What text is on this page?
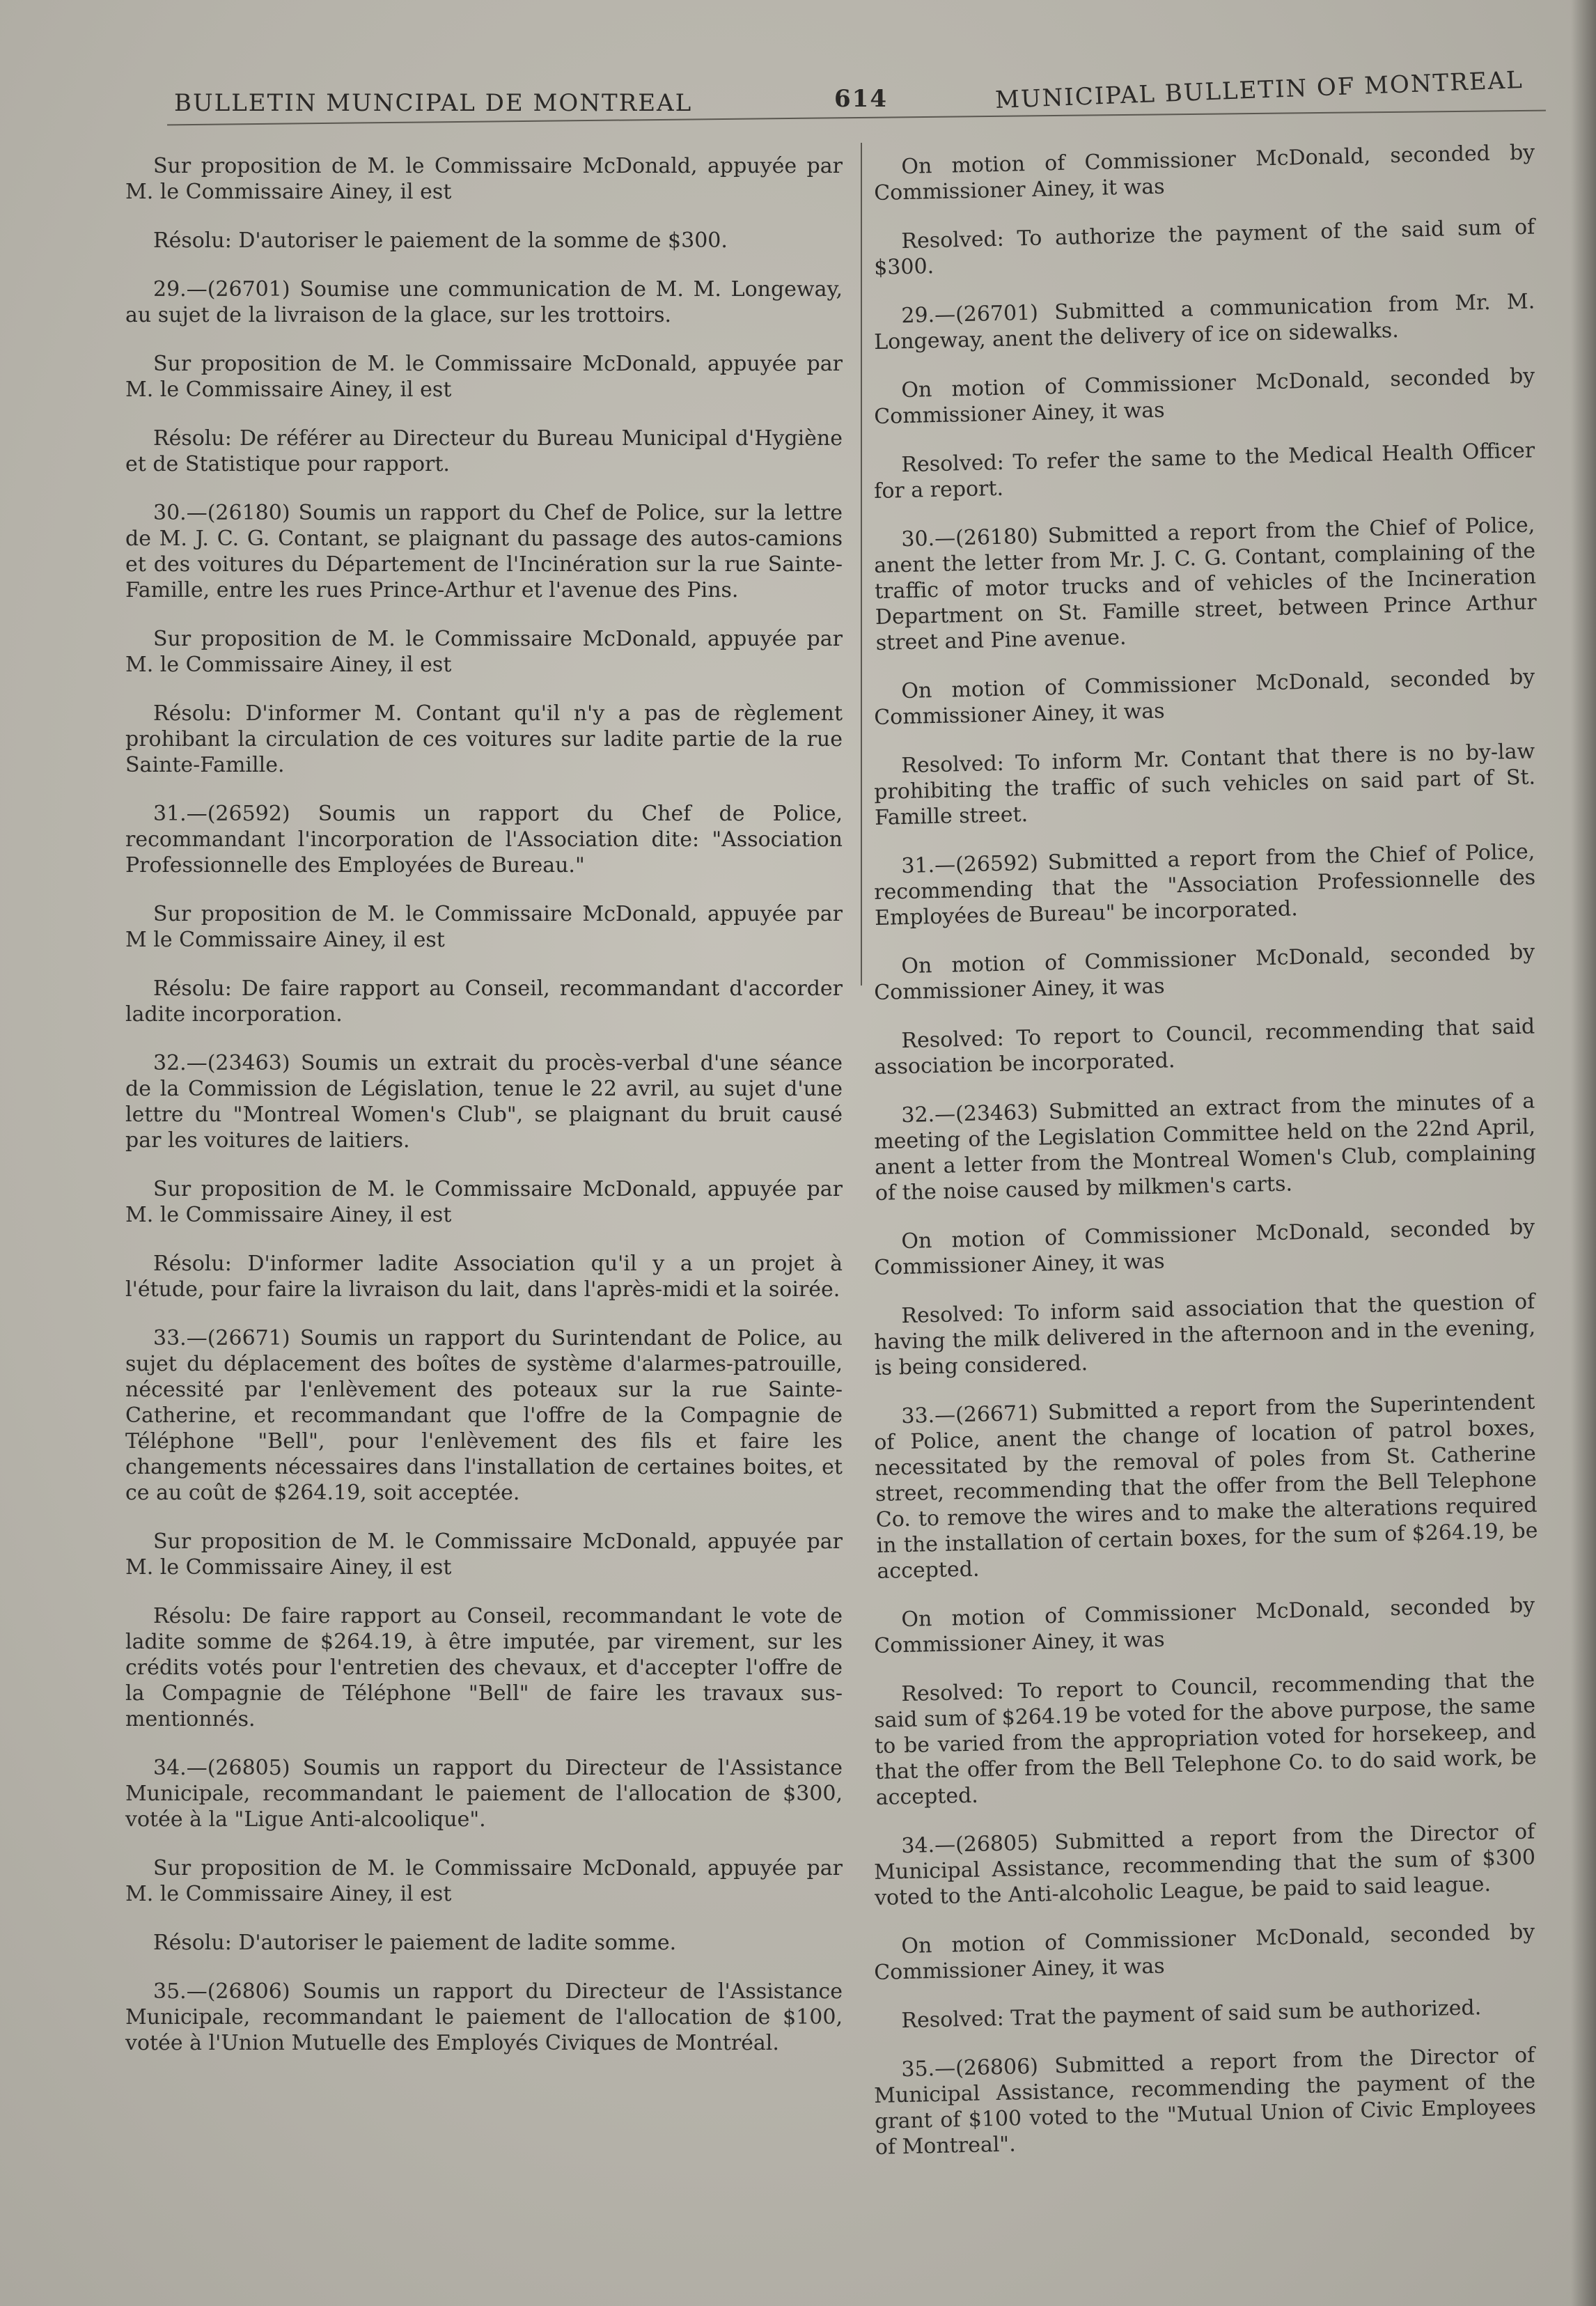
BULLETIN MUNCIPAL DE MONTREAL	614	MUNICIPAL BULLETIN OF MONTREAL

Sur proposition de M. le Commissaire McDonald, appuyée par M. le Commissaire Ainey, il est

Résolu: D'autoriser le paiement de la somme de $300.

29.—(26701) Soumise une communication de M. M. Longeway, au sujet de la livraison de la glace, sur les trottoirs.

Sur proposition de M. le Commissaire McDonald, appuyée par M. le Commissaire Ainey, il est

Résolu: De référer au Directeur du Bureau Municipal d'Hygiène et de Statistique pour rapport.

30.—(26180) Soumis un rapport du Chef de Police, sur la lettre de M. J. C. G. Contant, se plaignant du passage des autos-camions et des voitures du Département de l'Incinération sur la rue Sainte-Famille, entre les rues Prince-Arthur et l'avenue des Pins.

Sur proposition de M. le Commissaire McDonald, appuyée par M. le Commissaire Ainey, il est

Résolu: D'informer M. Contant qu'il n'y a pas de règlement prohibant la circulation de ces voitures sur ladite partie de la rue Sainte-Famille.

31.—(26592) Soumis un rapport du Chef de Police, recommandant l'incorporation de l'Association dite: "Association Professionnelle des Employées de Bureau."

Sur proposition de M. le Commissaire McDonald, appuyée par M le Commissaire Ainey, il est

Résolu: De faire rapport au Conseil, recommandant d'accorder ladite incorporation.

32.—(23463) Soumis un extrait du procès-verbal d'une séance de la Commission de Législation, tenue le 22 avril, au sujet d'une lettre du "Montreal Women's Club", se plaignant du bruit causé par les voitures de laitiers.

Sur proposition de M. le Commissaire McDonald, appuyée par M. le Commissaire Ainey, il est

Résolu: D'informer ladite Association qu'il y a un projet à l'étude, pour faire la livraison du lait, dans l'après-midi et la soirée.

33.—(26671) Soumis un rapport du Surintendant de Police, au sujet du déplacement des boîtes de système d'alarmes-patrouille, nécessité par l'enlèvement des poteaux sur la rue Sainte-Catherine, et recommandant que l'offre de la Compagnie de Téléphone "Bell", pour l'enlèvement des fils et faire les changements nécessaires dans l'installation de certaines boites, et ce au coût de $264.19, soit acceptée.

Sur proposition de M. le Commissaire McDonald, appuyée par M. le Commissaire Ainey, il est

Résolu: De faire rapport au Conseil, recommandant le vote de ladite somme de $264.19, à être imputée, par virement, sur les crédits votés pour l'entretien des chevaux, et d'accepter l'offre de la Compagnie de Téléphone "Bell" de faire les travaux sus-mentionnés.

34.—(26805) Soumis un rapport du Directeur de l'Assistance Municipale, recommandant le paiement de l'allocation de $300, votée à la "Ligue Anti-alcoolique".

Sur proposition de M. le Commissaire McDonald, appuyée par M. le Commissaire Ainey, il est

Résolu: D'autoriser le paiement de ladite somme.

35.—(26806) Soumis un rapport du Directeur de l'Assistance Municipale, recommandant le paiement de l'allocation de $100, votée à l'Union Mutuelle des Employés Civiques de Montréal.

On motion of Commissioner McDonald, seconded by Commissioner Ainey, it was

Resolved: To authorize the payment of the said sum of $300.

29.—(26701) Submitted a communication from Mr. M. Longeway, anent the delivery of ice on sidewalks.

On motion of Commissioner McDonald, seconded by Commissioner Ainey, it was

Resolved: To refer the same to the Medical Health Officer for a report.

30.—(26180) Submitted a report from the Chief of Police, anent the letter from Mr. J. C. G. Contant, complaining of the traffic of motor trucks and of vehicles of the Incineration Department on St. Famille street, between Prince Arthur street and Pine avenue.

On motion of Commissioner McDonald, seconded by Commissioner Ainey, it was

Resolved: To inform Mr. Contant that there is no by-law prohibiting the traffic of such vehicles on said part of St. Famille street.

31.—(26592) Submitted a report from the Chief of Police, recommending that the "Association Professionnelle des Employées de Bureau" be incorporated.

On motion of Commissioner McDonald, seconded by Commissioner Ainey, it was

Resolved: To report to Council, recommending that said association be incorporated.

32.—(23463) Submitted an extract from the minutes of a meeting of the Legislation Committee held on the 22nd April, anent a letter from the Montreal Women's Club, complaining of the noise caused by milkmen's carts.

On motion of Commissioner McDonald, seconded by Commissioner Ainey, it was

Resolved: To inform said association that the question of having the milk delivered in the afternoon and in the evening, is being considered.

33.—(26671) Submitted a report from the Superintendent of Police, anent the change of location of patrol boxes, necessitated by the removal of poles from St. Catherine street, recommending that the offer from the Bell Telephone Co. to remove the wires and to make the alterations required in the installation of certain boxes, for the sum of $264.19, be accepted.

On motion of Commissioner McDonald, seconded by Commissioner Ainey, it was

Resolved: To report to Council, recommending that the said sum of $264.19 be voted for the above purpose, the same to be varied from the appropriation voted for horsekeep, and that the offer from the Bell Telephone Co. to do said work, be accepted.

34.—(26805) Submitted a report from the Director of Municipal Assistance, recommending that the sum of $300 voted to the Anti-alcoholic League, be paid to said league.

On motion of Commissioner McDonald, seconded by Commissioner Ainey, it was

Resolved: Trat the payment of said sum be authorized.

35.—(26806) Submitted a report from the Director of Municipal Assistance, recommending the payment of the grant of $100 voted to the "Mutual Union of Civic Employees of Montreal".
